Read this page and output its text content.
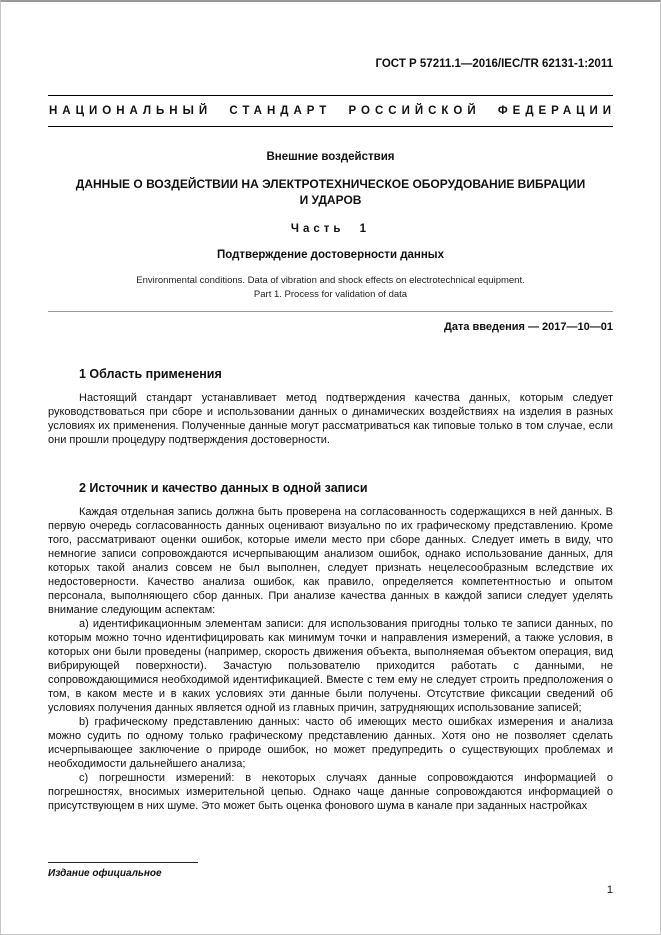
ГОСТ Р 57211.1—2016/IEC/TR 62131-1:2011
НАЦИОНАЛЬНЫЙ СТАНДАРТ РОССИЙСКОЙ ФЕДЕРАЦИИ
Внешние воздействия
ДАННЫЕ О ВОЗДЕЙСТВИИ НА ЭЛЕКТРОТЕХНИЧЕСКОЕ ОБОРУДОВАНИЕ ВИБРАЦИИ И УДАРОВ
Часть 1
Подтверждение достоверности данных
Environmental conditions. Data of vibration and shock effects on electrotechnical equipment.
Part 1. Process for validation of data
Дата введения — 2017—10—01
1 Область применения

Настоящий стандарт устанавливает метод подтверждения качества данных, которым следует руководствоваться при сборе и использовании данных о динамических воздействиях на изделия в разных условиях их применения. Полученные данные могут рассматриваться как типовые только в том случае, если они прошли процедуру подтверждения достоверности.

2 Источник и качество данных в одной записи

Каждая отдельная запись должна быть проверена на согласованность содержащихся в ней данных. В первую очередь согласованность данных оценивают визуально по их графическому представлению. Кроме того, рассматривают оценки ошибок, которые имели место при сборе данных. Следует иметь в виду, что немногие записи сопровождаются исчерпывающим анализом ошибок, однако использование данных, для которых такой анализ совсем не был выполнен, следует признать нецелесообразным вследствие их недостоверности. Качество анализа ошибок, как правило, определяется компетентностью и опытом персонала, выполняющего сбор данных. При анализе качества данных в каждой записи следует уделять внимание следующим аспектам:

а) идентификационным элементам записи: для использования пригодны только те записи данных, по которым можно точно идентифицировать как минимум точки и направления измерений, а также условия, в которых они были проведены (например, скорость движения объекта, выполняемая объектом операция, вид вибрирующей поверхности). Зачастую пользователю приходится работать с данными, не сопровождающимися необходимой идентификацией. Вместе с тем ему не следует строить предположения о том, в каком месте и в каких условиях эти данные были получены. Отсутствие фиксации сведений об условиях получения данных является одной из главных причин, затрудняющих использование записей;

b) графическому представлению данных: часто об имеющих место ошибках измерения и анализа можно судить по одному только графическому представлению данных. Хотя оно не позволяет сделать исчерпывающее заключение о природе ошибок, но может предупредить о существующих проблемах и необходимости дальнейшего анализа;

c) погрешности измерений: в некоторых случаях данные сопровождаются информацией о погрешностях, вносимых измерительной цепью. Однако чаще данные сопровождаются информацией о присутствующем в них шуме. Это может быть оценка фонового шума в канале при заданных настройках

Издание официальное
1
